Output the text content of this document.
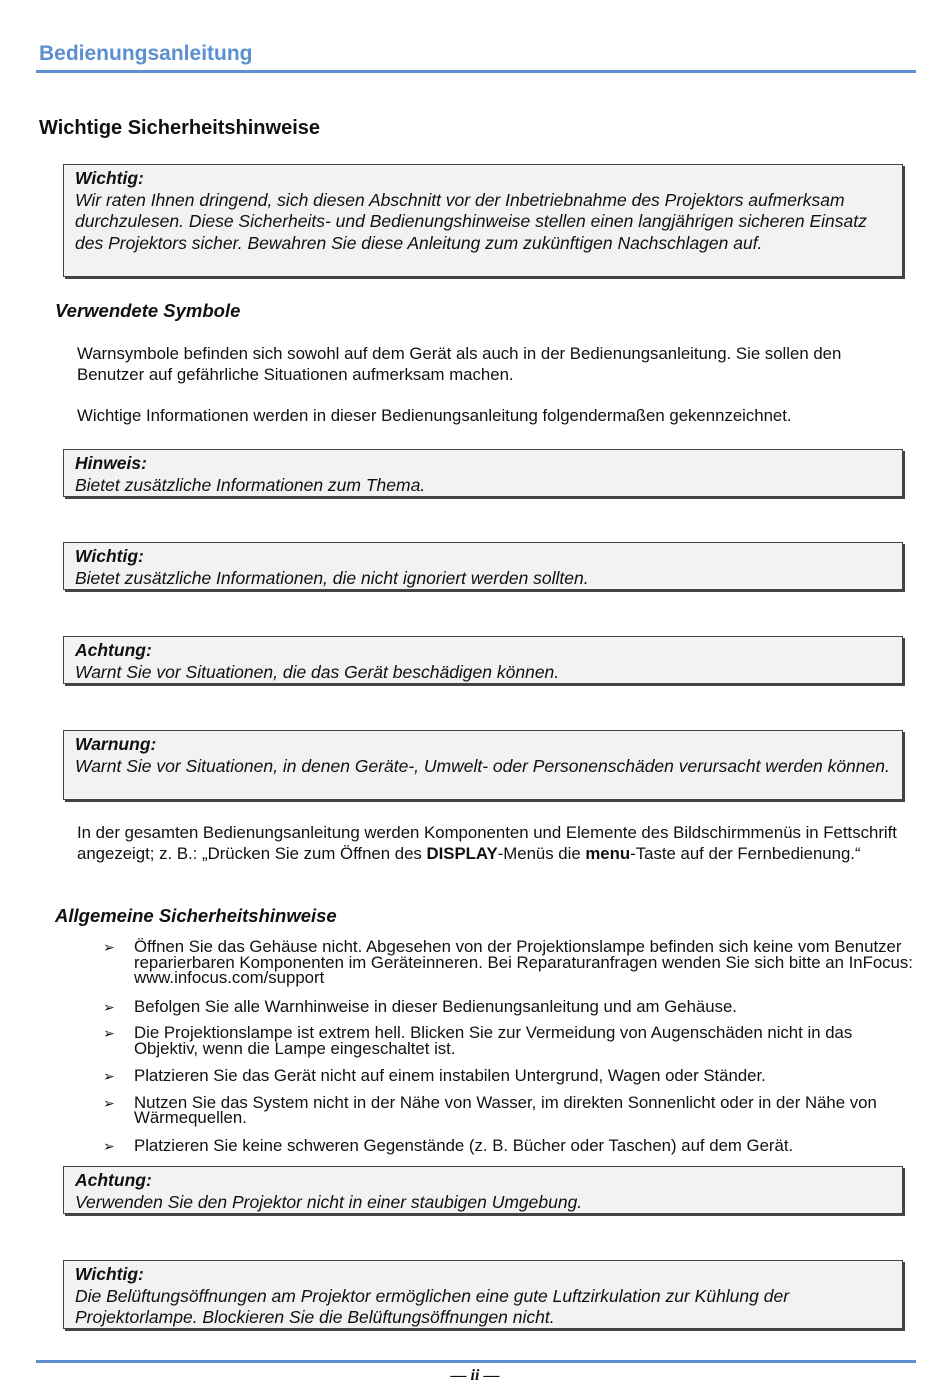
Bedienungsanleitung
Wichtige Sicherheitshinweise
Wichtig:
Wir raten Ihnen dringend, sich diesen Abschnitt vor der Inbetriebnahme des Projektors aufmerksam durchzulesen. Diese Sicherheits- und Bedienungshinweise stellen einen langjährigen sicheren Einsatz des Projektors sicher. Bewahren Sie diese Anleitung zum zukünftigen Nachschlagen auf.
Verwendete Symbole
Warnsymbole befinden sich sowohl auf dem Gerät als auch in der Bedienungsanleitung. Sie sollen den Benutzer auf gefährliche Situationen aufmerksam machen.
Wichtige Informationen werden in dieser Bedienungsanleitung folgendermaßen gekennzeichnet.
Hinweis:
Bietet zusätzliche Informationen zum Thema.
Wichtig:
Bietet zusätzliche Informationen, die nicht ignoriert werden sollten.
Achtung:
Warnt Sie vor Situationen, die das Gerät beschädigen können.
Warnung:
Warnt Sie vor Situationen, in denen Geräte-, Umwelt- oder Personenschäden verursacht werden können.
In der gesamten Bedienungsanleitung werden Komponenten und Elemente des Bildschirmmenüs in Fettschrift angezeigt; z. B.: „Drücken Sie zum Öffnen des DISPLAY-Menüs die menu-Taste auf der Fernbedienung.“
Allgemeine Sicherheitshinweise
➢ Öffnen Sie das Gehäuse nicht. Abgesehen von der Projektionslampe befinden sich keine vom Benutzer reparierbaren Komponenten im Geräteinneren. Bei Reparaturanfragen wenden Sie sich bitte an InFocus: www.infocus.com/support
➢ Befolgen Sie alle Warnhinweise in dieser Bedienungsanleitung und am Gehäuse.
➢ Die Projektionslampe ist extrem hell. Blicken Sie zur Vermeidung von Augenschäden nicht in das Objektiv, wenn die Lampe eingeschaltet ist.
➢ Platzieren Sie das Gerät nicht auf einem instabilen Untergrund, Wagen oder Ständer.
➢ Nutzen Sie das System nicht in der Nähe von Wasser, im direkten Sonnenlicht oder in der Nähe von Wärmequellen.
➢ Platzieren Sie keine schweren Gegenstände (z. B. Bücher oder Taschen) auf dem Gerät.
Achtung:
Verwenden Sie den Projektor nicht in einer staubigen Umgebung.
Wichtig:
Die Belüftungsöffnungen am Projektor ermöglichen eine gute Luftzirkulation zur Kühlung der Projektorlampe. Blockieren Sie die Belüftungsöffnungen nicht.
— ii —
